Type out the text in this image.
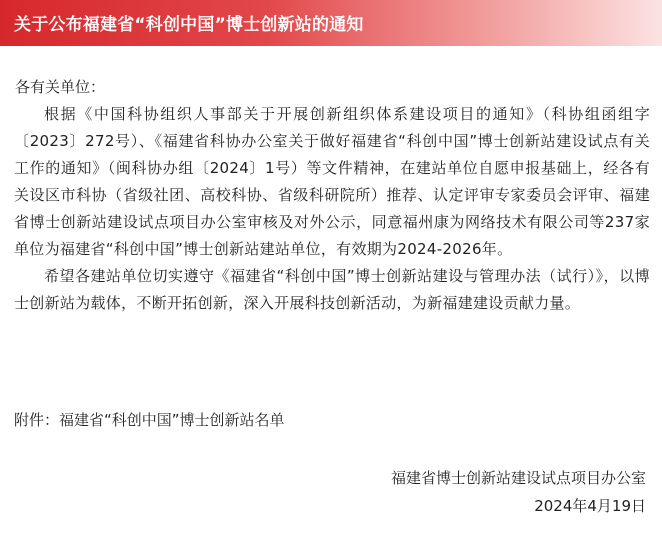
关于公布福建省“科创中国”博士创新站的通知

各有关单位：

根据《中国科协组织人事部关于开展创新组织体系建设项目的通知》（科协组函组字〔2023〕272号）、《福建省科协办公室关于做好福建省“科创中国”博士创新站建设试点有关工作的通知》（闽科协办组〔2024〕1号）等文件精神，在建站单位自愿申报基础上，经各有关设区市科协（省级社团、高校科协、省级科研院所）推荐、认定评审专家委员会评审、福建省博士创新站建设试点项目办公室审核及对外公示，同意福州康为网络技术有限公司等237家单位为福建省“科创中国”博士创新站建站单位，有效期为2024-2026年。

希望各建站单位切实遵守《福建省“科创中国”博士创新站建设与管理办法（试行）》，以博士创新站为载体，不断开拓创新，深入开展科技创新活动，为新福建建设贡献力量。

附件：福建省“科创中国”博士创新站名单
福建省博士创新站建设试点项目办公室
2024年4月19日
